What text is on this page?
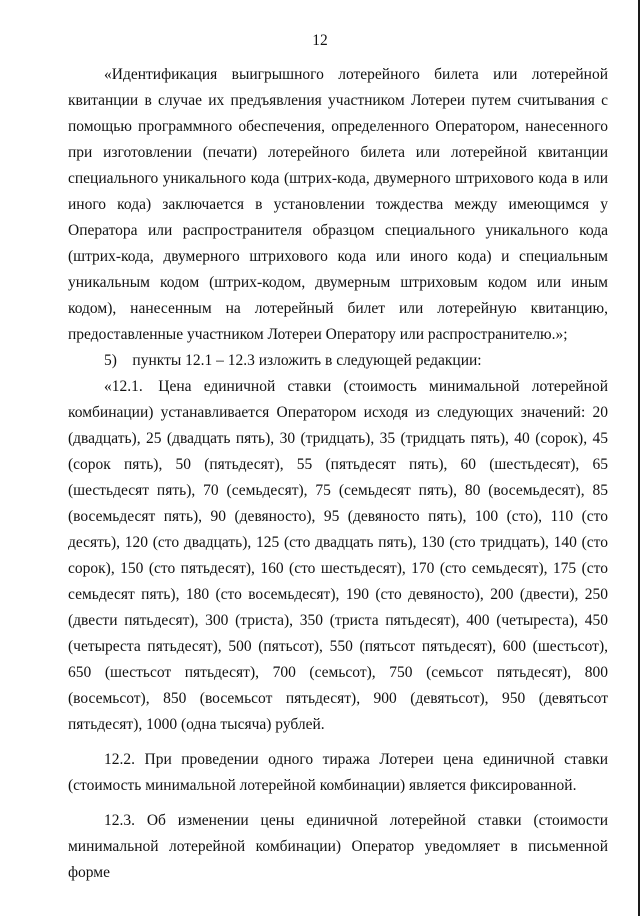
12

«Идентификация выигрышного лотерейного билета или лотерейной квитанции в случае их предъявления участником Лотереи путем считывания с помощью программного обеспечения, определенного Оператором, нанесенного при изготовлении (печати) лотерейного билета или лотерейной квитанции специального уникального кода (штрих-кода, двумерного штрихового кода в или иного кода) заключается в установлении тождества между имеющимся у Оператора или распространителя образцом специального уникального кода (штрих-кода, двумерного штрихового кода или иного кода) и специальным уникальным кодом (штрих-кодом, двумерным штриховым кодом или иным кодом), нанесенным на лотерейный билет или лотерейную квитанцию, предоставленные участником Лотереи Оператору или распространителю.»;

5) пункты 12.1 – 12.3 изложить в следующей редакции:

«12.1. Цена единичной ставки (стоимость минимальной лотерейной комбинации) устанавливается Оператором исходя из следующих значений: 20 (двадцать), 25 (двадцать пять), 30 (тридцать), 35 (тридцать пять), 40 (сорок), 45 (сорок пять), 50 (пятьдесят), 55 (пятьдесят пять), 60 (шестьдесят), 65 (шестьдесят пять), 70 (семьдесят), 75 (семьдесят пять), 80 (восемьдесят), 85 (восемьдесят пять), 90 (девяносто), 95 (девяносто пять), 100 (сто), 110 (сто десять), 120 (сто двадцать), 125 (сто двадцать пять), 130 (сто тридцать), 140 (сто сорок), 150 (сто пятьдесят), 160 (сто шестьдесят), 170 (сто семьдесят), 175 (сто семьдесят пять), 180 (сто восемьдесят), 190 (сто девяносто), 200 (двести), 250 (двести пятьдесят), 300 (триста), 350 (триста пятьдесят), 400 (четыреста), 450 (четыреста пятьдесят), 500 (пятьсот), 550 (пятьсот пятьдесят), 600 (шестьсот), 650 (шестьсот пятьдесят), 700 (семьсот), 750 (семьсот пятьдесят), 800 (восемьсот), 850 (восемьсот пятьдесят), 900 (девятьсот), 950 (девятьсот пятьдесят), 1000 (одна тысяча) рублей.

12.2. При проведении одного тиража Лотереи цена единичной ставки (стоимость минимальной лотерейной комбинации) является фиксированной.

12.3. Об изменении цены единичной лотерейной ставки (стоимости минимальной лотерейной комбинации) Оператор уведомляет в письменной форме
